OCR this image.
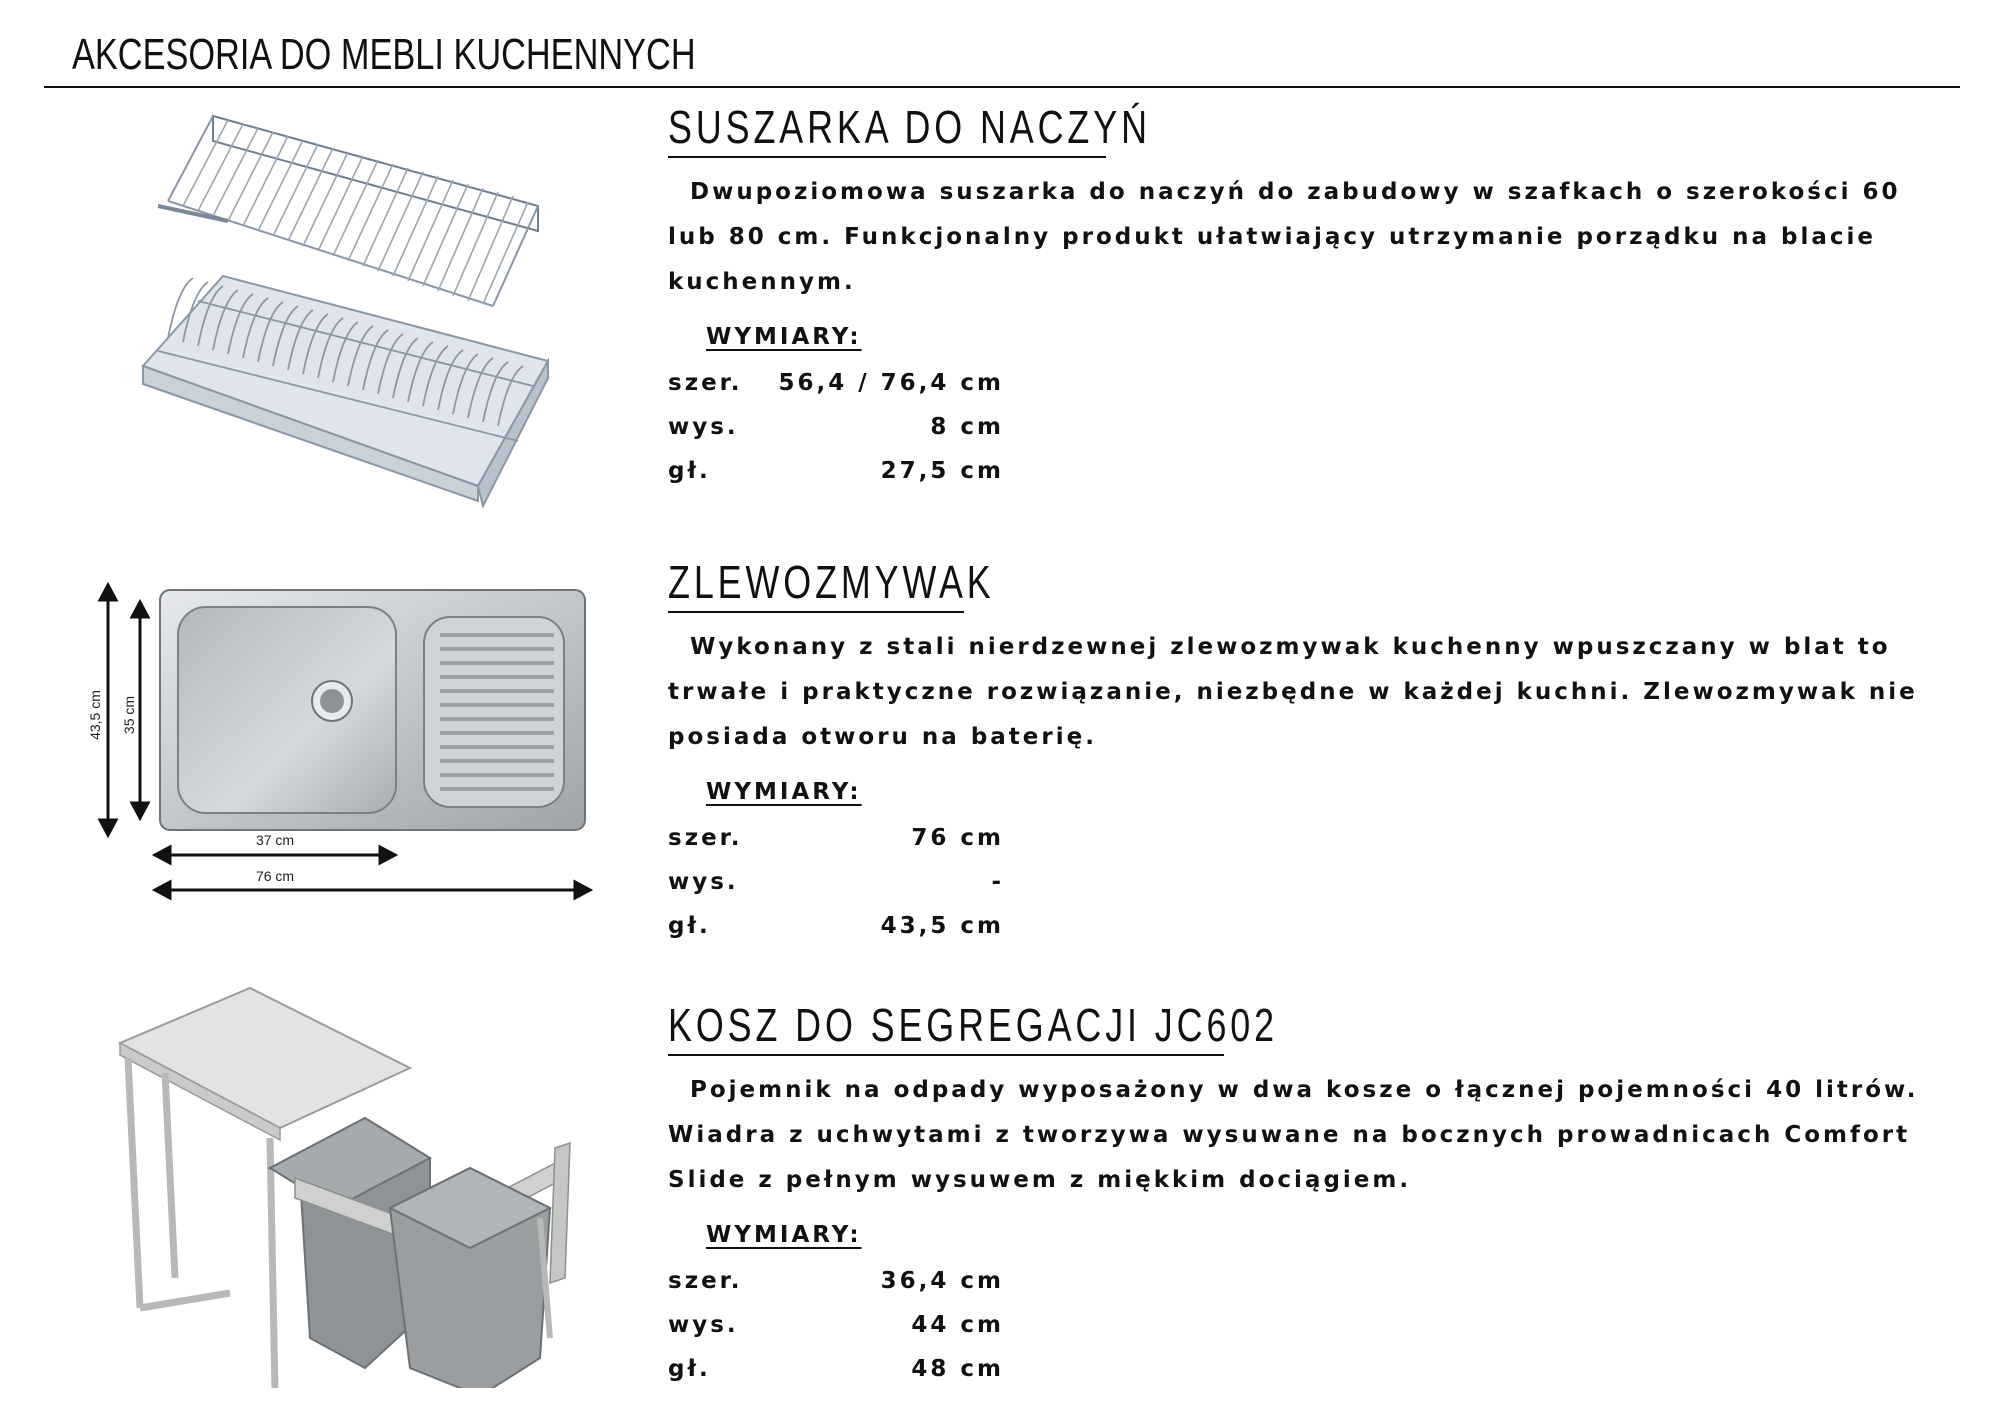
AKCESORIA DO MEBLI KUCHENNYCH
SUSZARKA DO NACZYŃ
Dwupoziomowa suszarka do naczyń do zabudowy w szafkach o szerokości 60 lub 80 cm. Funkcjonalny produkt ułatwiający utrzymanie porządku na blacie kuchennym.
WYMIARY:
szer. 56,4 / 76,4 cm
wys.	8 cm
gł.	27,5 cm
43,5 cm 35 cm
37 cm
76 cm
ZLEWOZMYWAK
Wykonany z stali nierdzewnej zlewozmywak kuchenny wpuszczany w blat to trwałe i praktyczne rozwiązanie, niezbędne w każdej kuchni. Zlewozmywak nie posiada otworu na baterię.
WYMIARY:
szer.	76 cm
wys.	-
gł.	43,5 cm
KOSZ DO SEGREGACJI JC602
Pojemnik na odpady wyposażony w dwa kosze o łącznej pojemności 40 litrów. Wiadra z uchwytami z tworzywa wysuwane na bocznych prowadnicach Comfort Slide z pełnym wysuwem z miękkim dociągiem.
WYMIARY:
szer.	36,4 cm
wys.	44 cm
gł.	48 cm
